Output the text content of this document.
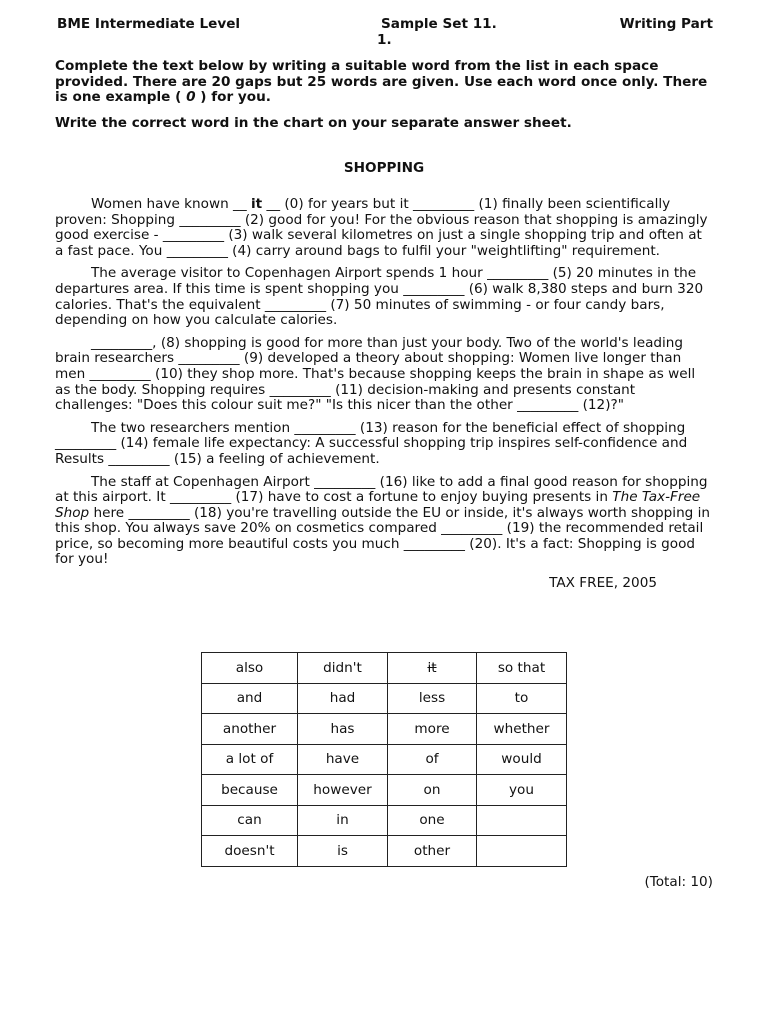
BME Intermediate Level	Sample Set 11.	Writing Part
1.
Complete the text below by writing a suitable word from the list in each space provided. There are 20 gaps but 25 words are given. Use each word once only. There is one example ( 0 ) for you.
Write the correct word in the chart on your separate answer sheet.
SHOPPING
Women have known __ it __ (0) for years but it _________ (1) finally been scientifically proven: Shopping _________ (2) good for you! For the obvious reason that shopping is amazingly good exercise - _________ (3) walk several kilometres on just a single shopping trip and often at a fast pace. You _________ (4) carry around bags to fulfil your "weightlifting" requirement.
The average visitor to Copenhagen Airport spends 1 hour _________ (5) 20 minutes in the departures area. If this time is spent shopping you _________ (6) walk 8,380 steps and burn 320 calories. That's the equivalent _________ (7) 50 minutes of swimming - or four candy bars, depending on how you calculate calories.
_________, (8) shopping is good for more than just your body. Two of the world's leading brain researchers _________ (9) developed a theory about shopping: Women live longer than men _________ (10) they shop more. That's because shopping keeps the brain in shape as well as the body. Shopping requires _________ (11) decision-making and presents constant challenges: "Does this colour suit me?" "Is this nicer than the other _________ (12)?"
The two researchers mention _________ (13) reason for the beneficial effect of shopping _________ (14) female life expectancy: A successful shopping trip inspires self-confidence and Results _________ (15) a feeling of achievement.
The staff at Copenhagen Airport _________ (16) like to add a final good reason for shopping at this airport. It _________ (17) have to cost a fortune to enjoy buying presents in The Tax-Free Shop here _________ (18) you're travelling outside the EU or inside, it's always worth shopping in this shop. You always save 20% on cosmetics compared _________ (19) the recommended retail price, so becoming more beautiful costs you much _________ (20). It's a fact: Shopping is good for you!
TAX FREE, 2005
also	didn't	it	so that
and	had	less	to
another	has	more	whether
a lot of	have	of	would
because	however	on	you
can	in	one	
doesn't	is	other	
(Total: 10)
